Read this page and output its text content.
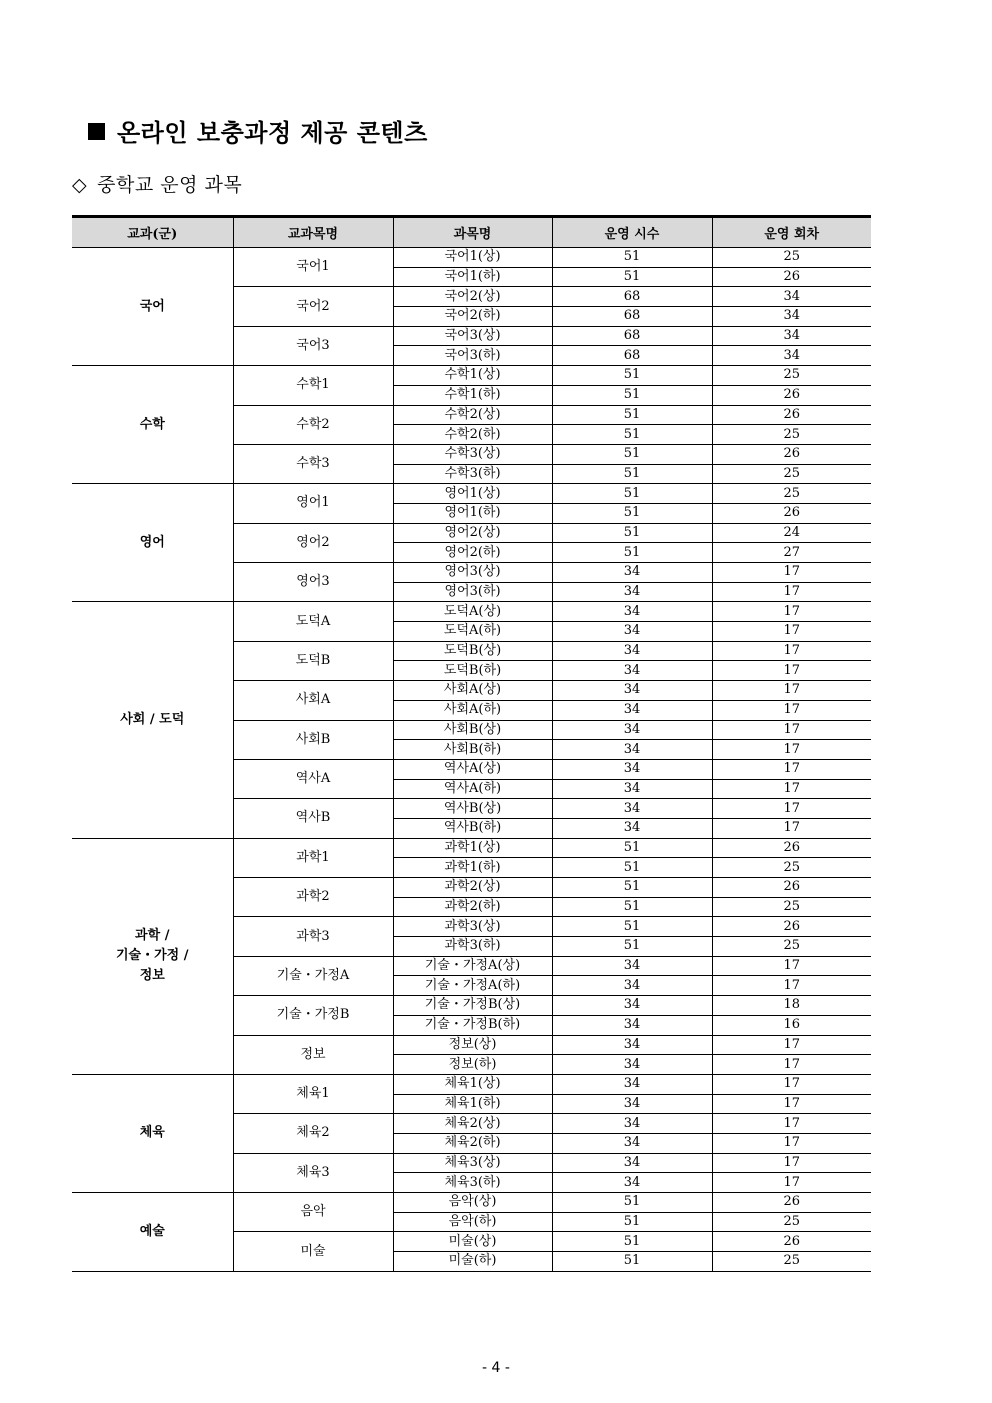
온라인 보충과정 제공 콘텐츠
◇ 중학교 운영 과목
교과(군)	교과목명	과목명	운영 시수	운영 회차
국어	국어1	국어1(상)	51	25
		국어1(하)	51	26
	국어2	국어2(상)	68	34
		국어2(하)	68	34
	국어3	국어3(상)	68	34
		국어3(하)	68	34
수학	수학1	수학1(상)	51	25
		수학1(하)	51	26
	수학2	수학2(상)	51	26
		수학2(하)	51	25
	수학3	수학3(상)	51	26
		수학3(하)	51	25
영어	영어1	영어1(상)	51	25
		영어1(하)	51	26
	영어2	영어2(상)	51	24
		영어2(하)	51	27
	영어3	영어3(상)	34	17
		영어3(하)	34	17
사회 / 도덕	도덕A	도덕A(상)	34	17
		도덕A(하)	34	17
	도덕B	도덕B(상)	34	17
		도덕B(하)	34	17
	사회A	사회A(상)	34	17
		사회A(하)	34	17
	사회B	사회B(상)	34	17
		사회B(하)	34	17
	역사A	역사A(상)	34	17
		역사A(하)	34	17
	역사B	역사B(상)	34	17
		역사B(하)	34	17
과학 /
기술・가정 /
정보	과학1	과학1(상)	51	26
		과학1(하)	51	25
	과학2	과학2(상)	51	26
		과학2(하)	51	25
	과학3	과학3(상)	51	26
		과학3(하)	51	25
	기술・가정A	기술・가정A(상)	34	17
		기술・가정A(하)	34	17
	기술・가정B	기술・가정B(상)	34	18
		기술・가정B(하)	34	16
	정보	정보(상)	34	17
		정보(하)	34	17
체육	체육1	체육1(상)	34	17
		체육1(하)	34	17
	체육2	체육2(상)	34	17
		체육2(하)	34	17
	체육3	체육3(상)	34	17
		체육3(하)	34	17
예술	음악	음악(상)	51	26
		음악(하)	51	25
	미술	미술(상)	51	26
		미술(하)	51	25
- 4 -
